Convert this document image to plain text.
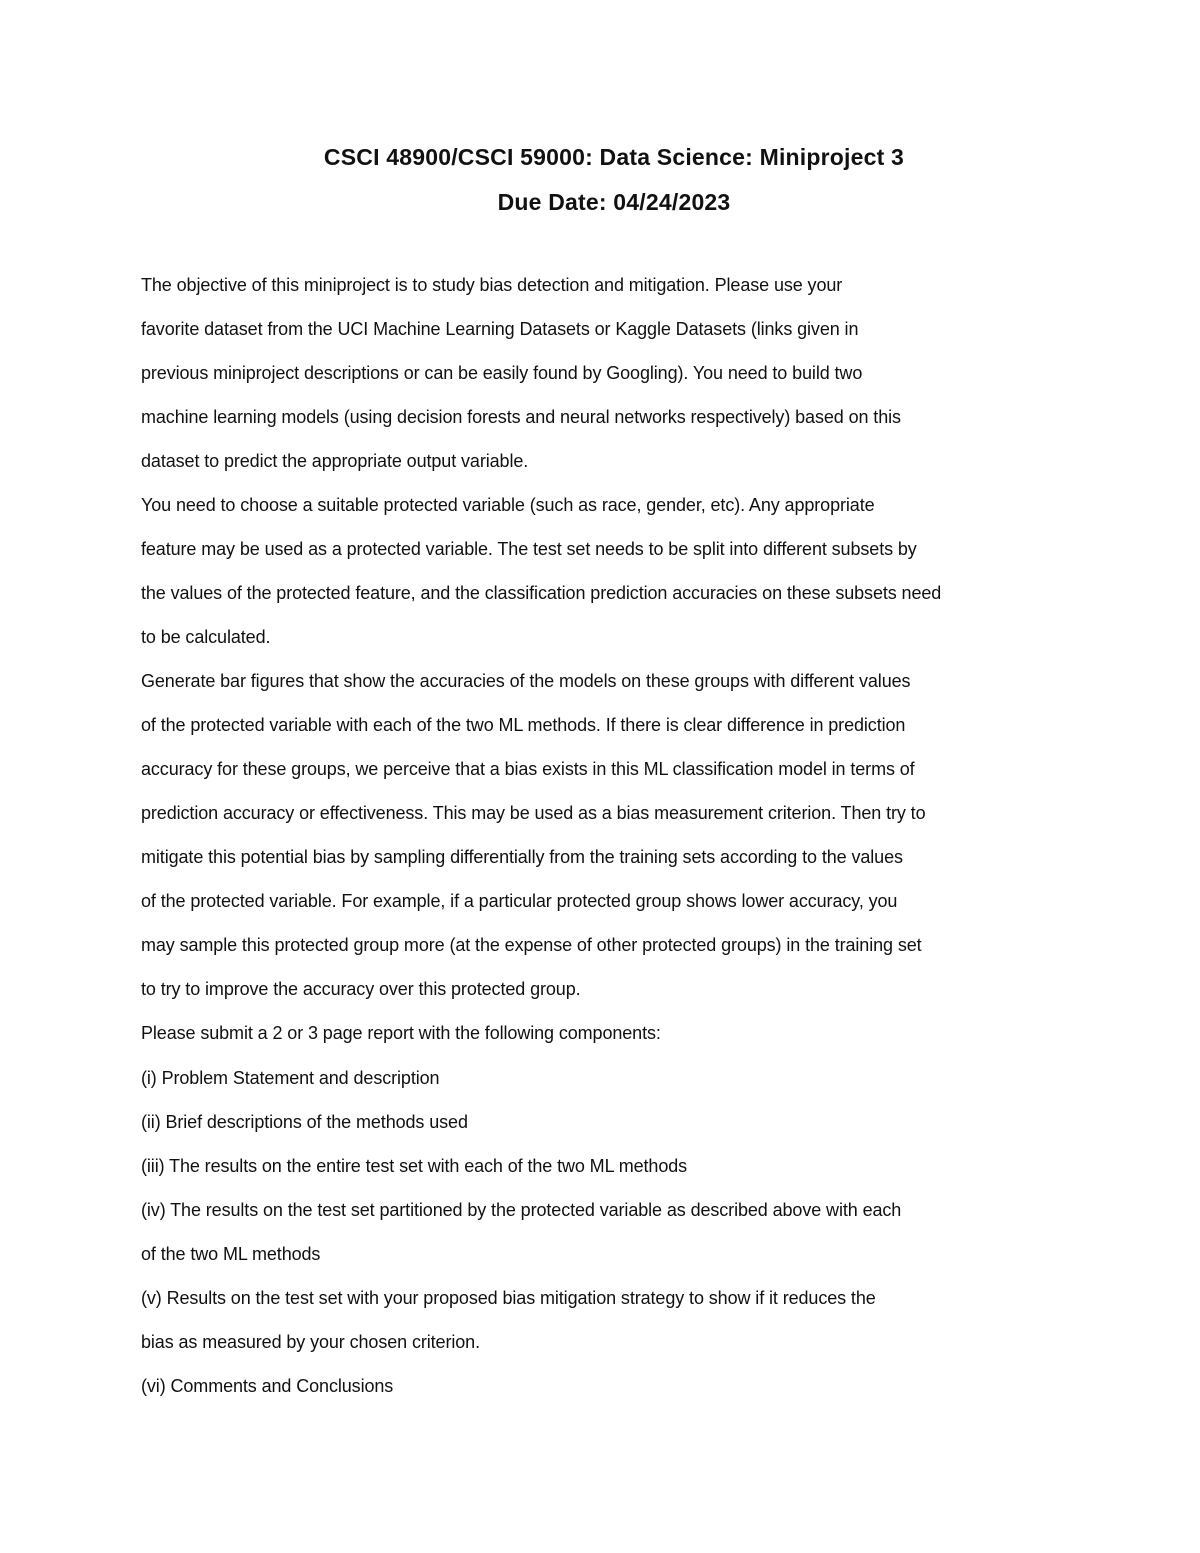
CSCI 48900/CSCI 59000: Data Science: Miniproject 3
Due Date: 04/24/2023
The objective of this miniproject is to study bias detection and mitigation. Please use your
favorite dataset from the UCI Machine Learning Datasets or Kaggle Datasets (links given in
previous miniproject descriptions or can be easily found by Googling). You need to build two
machine learning models (using decision forests and neural networks respectively) based on this
dataset to predict the appropriate output variable.
You need to choose a suitable protected variable (such as race, gender, etc). Any appropriate
feature may be used as a protected variable. The test set needs to be split into different subsets by
the values of the protected feature, and the classification prediction accuracies on these subsets need
to be calculated.
Generate bar figures that show the accuracies of the models on these groups with different values
of the protected variable with each of the two ML methods. If there is clear difference in prediction
accuracy for these groups, we perceive that a bias exists in this ML classification model in terms of
prediction accuracy or effectiveness. This may be used as a bias measurement criterion. Then try to
mitigate this potential bias by sampling differentially from the training sets according to the values
of the protected variable. For example, if a particular protected group shows lower accuracy, you
may sample this protected group more (at the expense of other protected groups) in the training set
to try to improve the accuracy over this protected group.
Please submit a 2 or 3 page report with the following components:
(i) Problem Statement and description
(ii) Brief descriptions of the methods used
(iii) The results on the entire test set with each of the two ML methods
(iv) The results on the test set partitioned by the protected variable as described above with each
of the two ML methods
(v) Results on the test set with your proposed bias mitigation strategy to show if it reduces the
bias as measured by your chosen criterion.
(vi) Comments and Conclusions
